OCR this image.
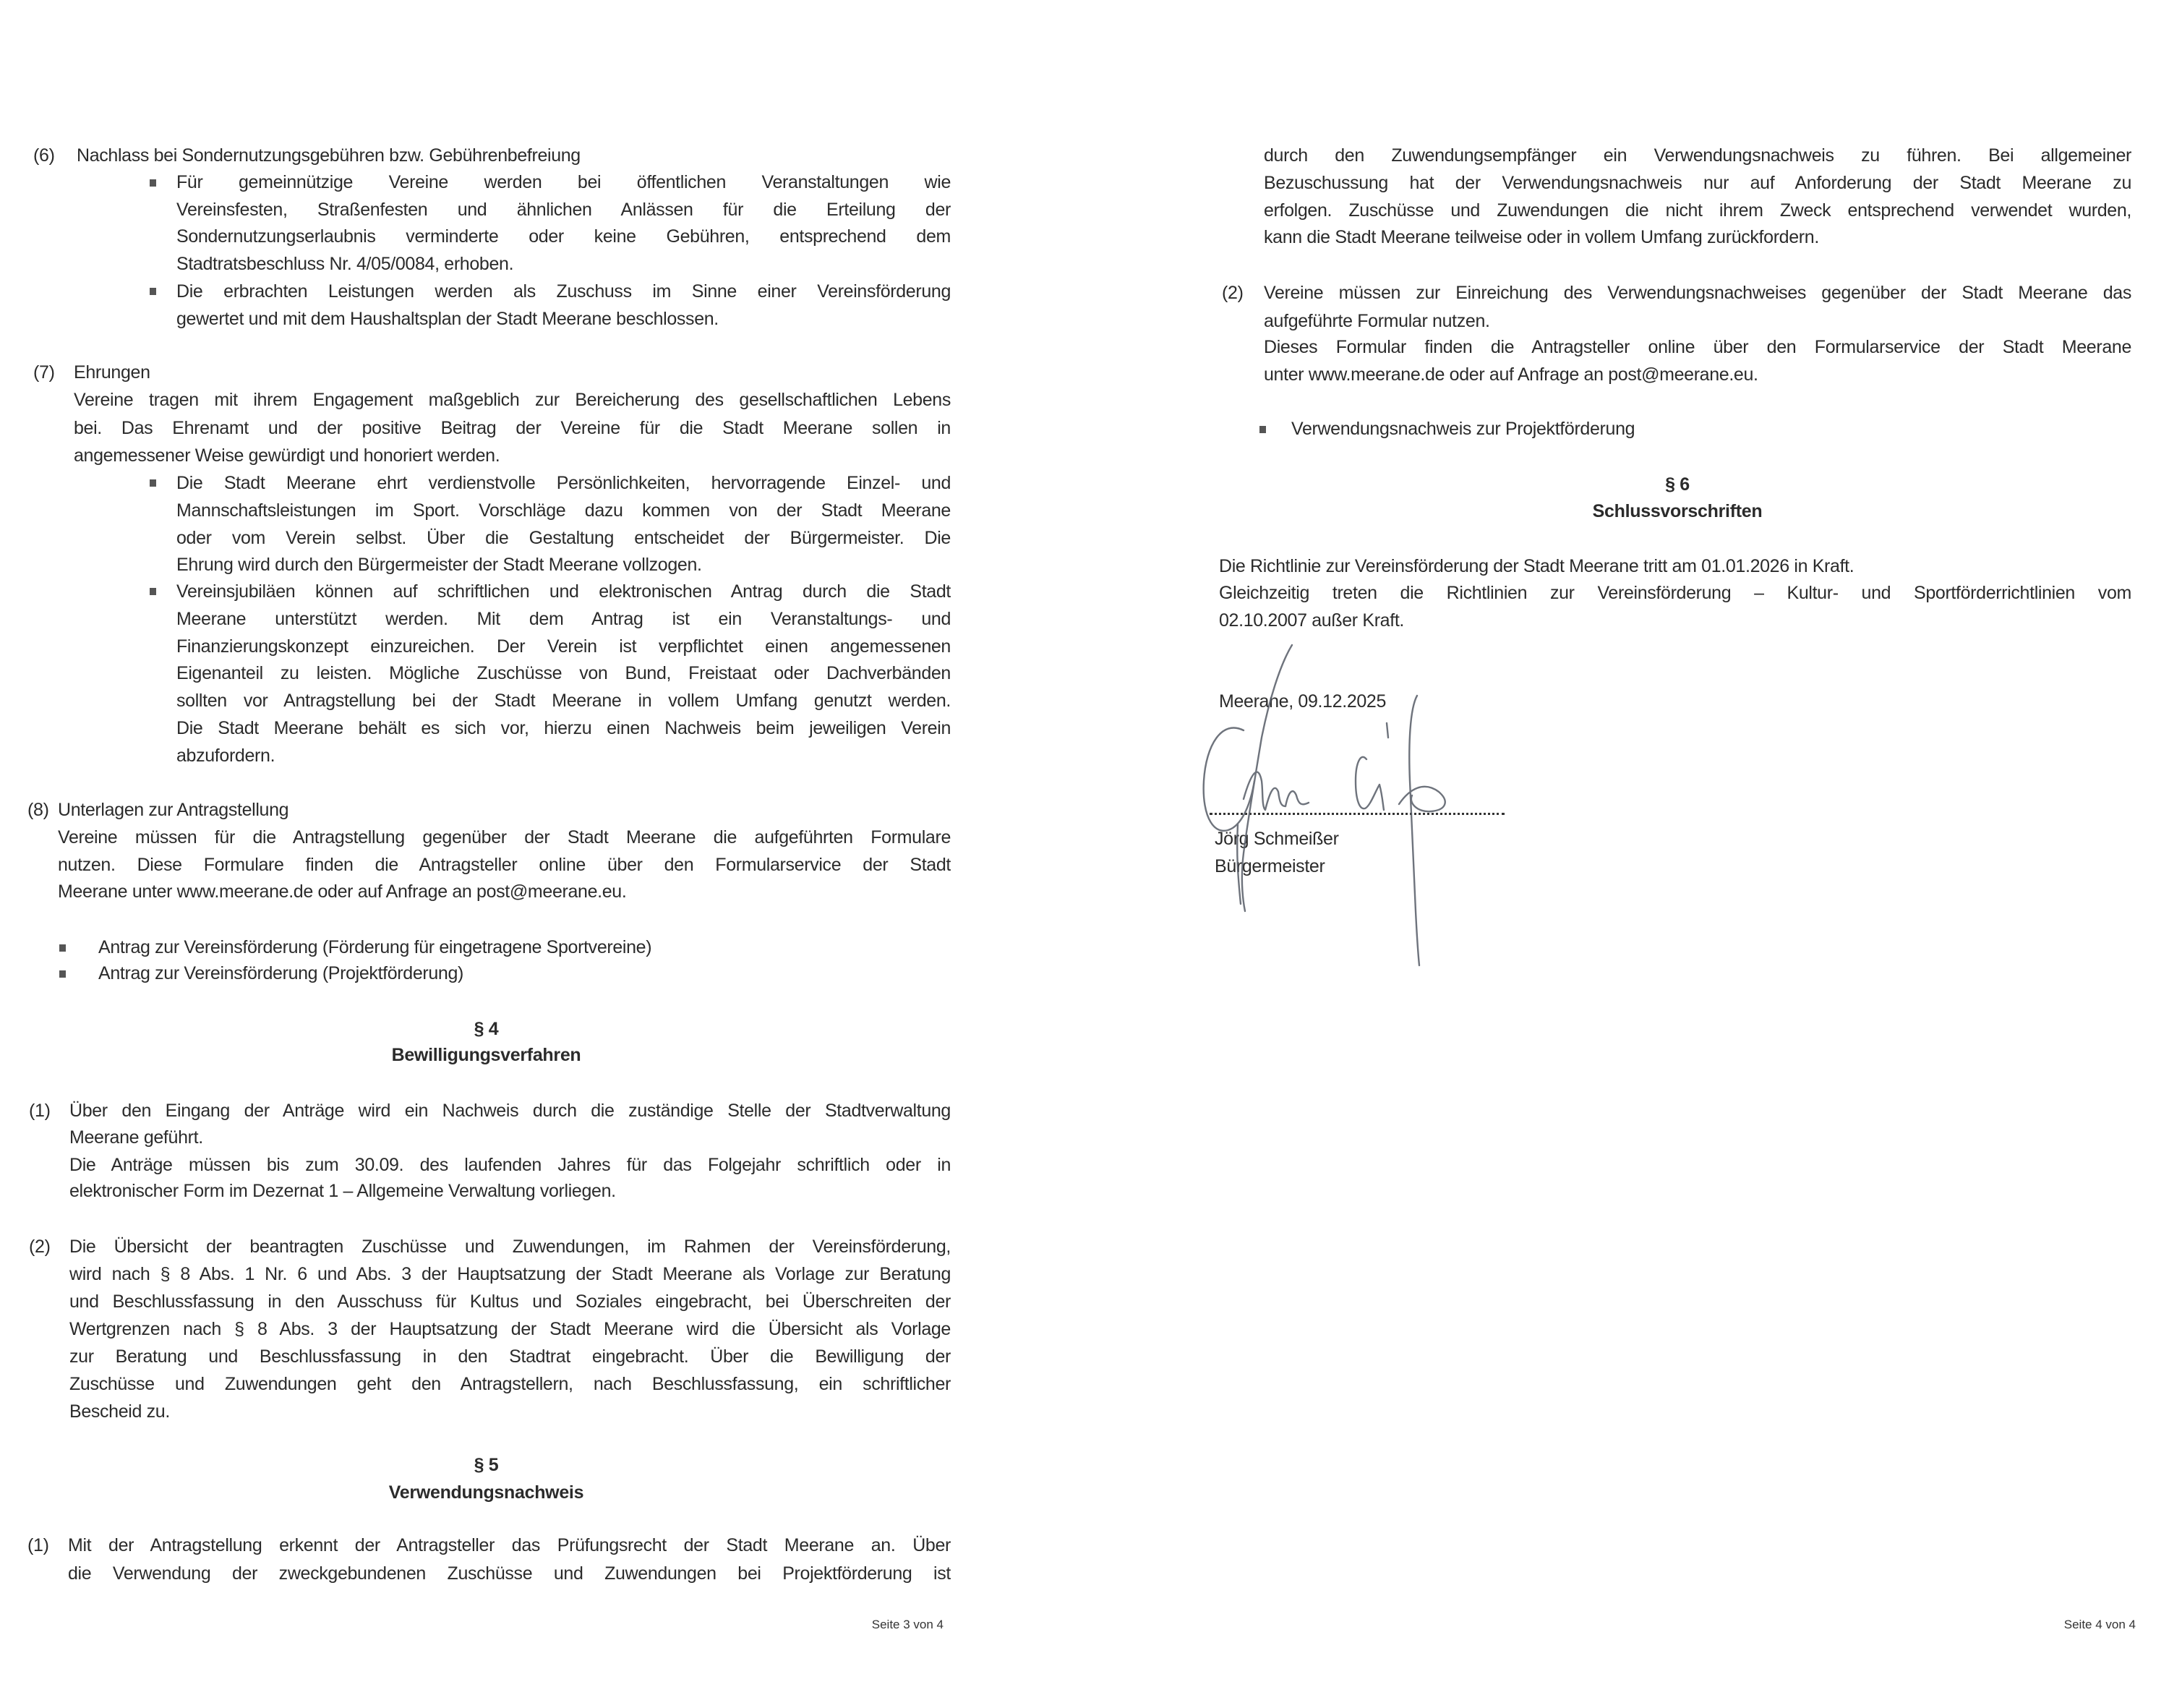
(6) Nachlass bei Sondernutzungsgebühren bzw. Gebührenbefreiung
Für gemeinnützige Vereine werden bei öffentlichen Veranstaltungen wie
Vereinsfesten, Straßenfesten und ähnlichen Anlässen für die Erteilung der
Sondernutzungserlaubnis verminderte oder keine Gebühren, entsprechend dem
Stadtratsbeschluss Nr. 4/05/0084, erhoben.
Die erbrachten Leistungen werden als Zuschuss im Sinne einer Vereinsförderung
gewertet und mit dem Haushaltsplan der Stadt Meerane beschlossen.
(7) Ehrungen
Vereine tragen mit ihrem Engagement maßgeblich zur Bereicherung des gesellschaftlichen Lebens
bei. Das Ehrenamt und der positive Beitrag der Vereine für die Stadt Meerane sollen in
angemessener Weise gewürdigt und honoriert werden.
Die Stadt Meerane ehrt verdienstvolle Persönlichkeiten, hervorragende Einzel- und
Mannschaftsleistungen im Sport. Vorschläge dazu kommen von der Stadt Meerane
oder vom Verein selbst. Über die Gestaltung entscheidet der Bürgermeister. Die
Ehrung wird durch den Bürgermeister der Stadt Meerane vollzogen.
Vereinsjubiläen können auf schriftlichen und elektronischen Antrag durch die Stadt
Meerane unterstützt werden. Mit dem Antrag ist ein Veranstaltungs- und
Finanzierungskonzept einzureichen. Der Verein ist verpflichtet einen angemessenen
Eigenanteil zu leisten. Mögliche Zuschüsse von Bund, Freistaat oder Dachverbänden
sollten vor Antragstellung bei der Stadt Meerane in vollem Umfang genutzt werden.
Die Stadt Meerane behält es sich vor, hierzu einen Nachweis beim jeweiligen Verein
abzufordern.
(8) Unterlagen zur Antragstellung
Vereine müssen für die Antragstellung gegenüber der Stadt Meerane die aufgeführten Formulare
nutzen. Diese Formulare finden die Antragsteller online über den Formularservice der Stadt
Meerane unter www.meerane.de oder auf Anfrage an post@meerane.eu.
Antrag zur Vereinsförderung (Förderung für eingetragene Sportvereine)
Antrag zur Vereinsförderung (Projektförderung)
§ 4
Bewilligungsverfahren
(1) Über den Eingang der Anträge wird ein Nachweis durch die zuständige Stelle der Stadtverwaltung
Meerane geführt.
Die Anträge müssen bis zum 30.09. des laufenden Jahres für das Folgejahr schriftlich oder in
elektronischer Form im Dezernat 1 – Allgemeine Verwaltung vorliegen.
(2) Die Übersicht der beantragten Zuschüsse und Zuwendungen, im Rahmen der Vereinsförderung,
wird nach § 8 Abs. 1 Nr. 6 und Abs. 3 der Hauptsatzung der Stadt Meerane als Vorlage zur Beratung
und Beschlussfassung in den Ausschuss für Kultus und Soziales eingebracht, bei Überschreiten der
Wertgrenzen nach § 8 Abs. 3 der Hauptsatzung der Stadt Meerane wird die Übersicht als Vorlage
zur Beratung und Beschlussfassung in den Stadtrat eingebracht. Über die Bewilligung der
Zuschüsse und Zuwendungen geht den Antragstellern, nach Beschlussfassung, ein schriftlicher
Bescheid zu.
§ 5
Verwendungsnachweis
(1) Mit der Antragstellung erkennt der Antragsteller das Prüfungsrecht der Stadt Meerane an. Über
die Verwendung der zweckgebundenen Zuschüsse und Zuwendungen bei Projektförderung ist
Seite 3 von 4
durch den Zuwendungsempfänger ein Verwendungsnachweis zu führen. Bei allgemeiner
Bezuschussung hat der Verwendungsnachweis nur auf Anforderung der Stadt Meerane zu
erfolgen. Zuschüsse und Zuwendungen die nicht ihrem Zweck entsprechend verwendet wurden,
kann die Stadt Meerane teilweise oder in vollem Umfang zurückfordern.
(2) Vereine müssen zur Einreichung des Verwendungsnachweises gegenüber der Stadt Meerane das
aufgeführte Formular nutzen.
Dieses Formular finden die Antragsteller online über den Formularservice der Stadt Meerane
unter www.meerane.de oder auf Anfrage an post@meerane.eu.
Verwendungsnachweis zur Projektförderung
§ 6
Schlussvorschriften
Die Richtlinie zur Vereinsförderung der Stadt Meerane tritt am 01.01.2026 in Kraft.
Gleichzeitig treten die Richtlinien zur Vereinsförderung – Kultur- und Sportförderrichtlinien vom
02.10.2007 außer Kraft.
Meerane, 09.12.2025
Jörg Schmeißer
Bürgermeister
Seite 4 von 4
